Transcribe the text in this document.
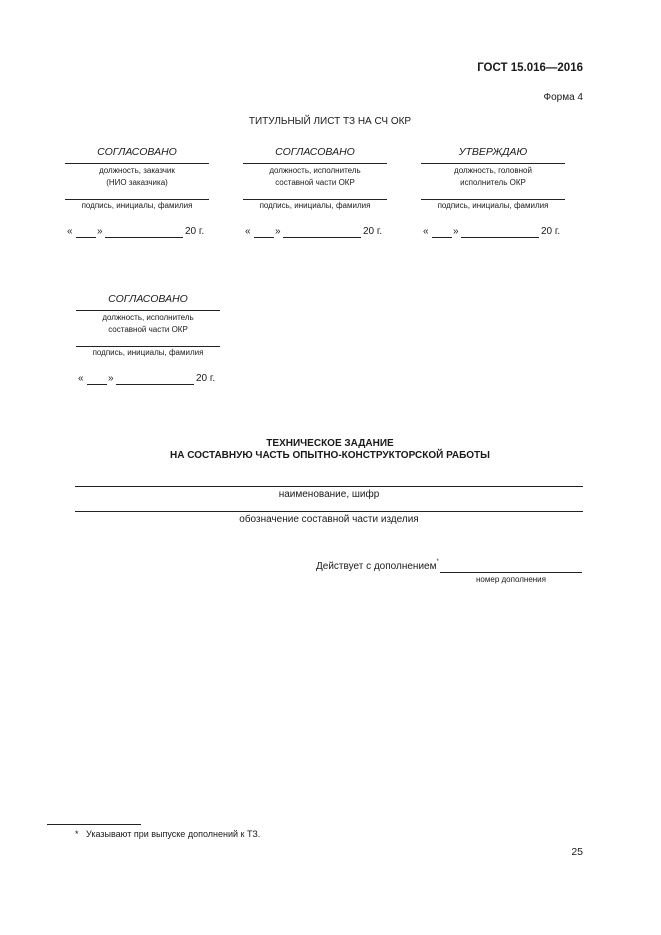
ГОСТ 15.016—2016
Форма 4
ТИТУЛЬНЫЙ ЛИСТ ТЗ НА СЧ ОКР
СОГЛАСОВАНО
должность, заказчик
(НИО заказчика)
подпись, инициалы, фамилия
« »	20 г.
СОГЛАСОВАНО
должность, исполнитель
составной части ОКР
подпись, инициалы, фамилия
« »	20 г.
УТВЕРЖДАЮ
должность, головной
исполнитель ОКР
подпись, инициалы, фамилия
« »	20 г.
СОГЛАСОВАНО
должность, исполнитель
составной части ОКР
подпись, инициалы, фамилия
« »	20 г.
ТЕХНИЧЕСКОЕ ЗАДАНИЕ
НА СОСТАВНУЮ ЧАСТЬ ОПЫТНО-КОНСТРУКТОРСКОЙ РАБОТЫ
наименование, шифр
обозначение составной части изделия
Действует с дополнением*
номер дополнения
* Указывают при выпуске дополнений к ТЗ.
25
